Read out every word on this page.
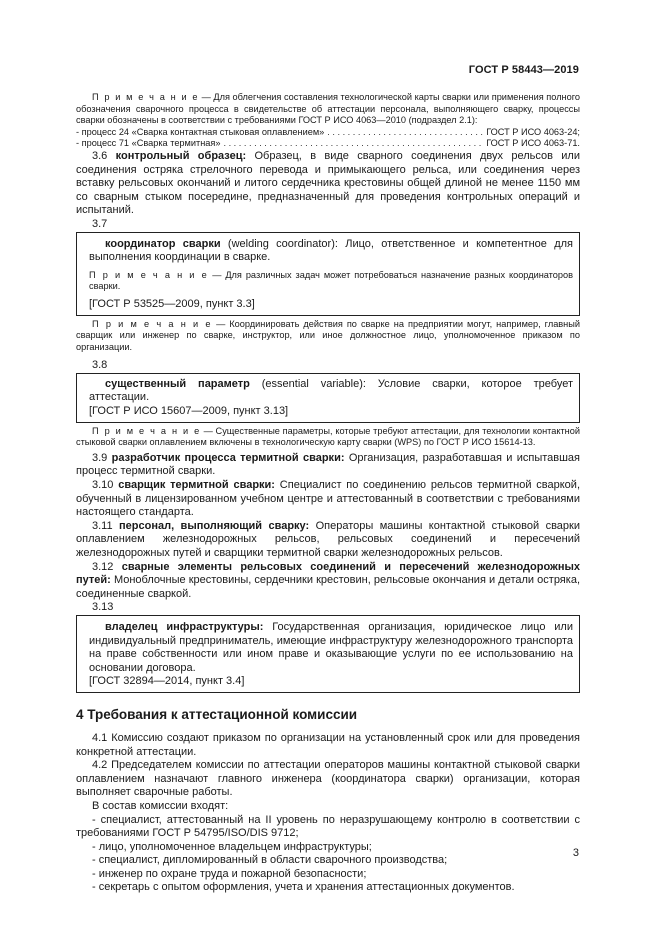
ГОСТ Р 58443—2019

П р и м е ч а н и е — Для облегчения составления технологической карты сварки или применения полного обозначения сварочного процесса в свидетельстве об аттестации персонала, выполняющего сварку, процессы сварки обозначены в соответствии с требованиями ГОСТ Р ИСО 4063—2010 (подраздел 2.1):

- процесс 24 «Сварка контактная стыковая оплавлением» . . .	ГОСТ Р ИСО 4063-24;
- процесс 71 «Сварка термитная» . . .	ГОСТ Р ИСО 4063-71.

3.6 контрольный образец: Образец, в виде сварного соединения двух рельсов или соединения остряка стрелочного перевода и примыкающего рельса, или соединения через вставку рельсовых окончаний и литого сердечника крестовины общей длиной не менее 1150 мм со сварным стыком посередине, предназначенный для проведения контрольных операций и испытаний.

3.7

координатор сварки (welding coordinator): Лицо, ответственное и компетентное для выполнения координации в сварке.

П р и м е ч а н и е — Для различных задач может потребоваться назначение разных координаторов сварки.

[ГОСТ Р 53525—2009, пункт 3.3]

П р и м е ч а н и е — Координировать действия по сварке на предприятии могут, например, главный сварщик или инженер по сварке, инструктор, или иное должностное лицо, уполномоченное приказом по организации.

3.8

существенный параметр (essential variable): Условие сварки, которое требует аттестации.

[ГОСТ Р ИСО 15607—2009, пункт 3.13]

П р и м е ч а н и е — Существенные параметры, которые требуют аттестации, для технологии контактной стыковой сварки оплавлением включены в технологическую карту сварки (WPS) по ГОСТ Р ИСО 15614-13.

3.9 разработчик процесса термитной сварки: Организация, разработавшая и испытавшая процесс термитной сварки.

3.10 сварщик термитной сварки: Специалист по соединению рельсов термитной сваркой, обученный в лицензированном учебном центре и аттестованный в соответствии с требованиями настоящего стандарта.

3.11 персонал, выполняющий сварку: Операторы машины контактной стыковой сварки оплавлением железнодорожных рельсов, рельсовых соединений и пересечений железнодорожных путей и сварщики термитной сварки железнодорожных рельсов.

3.12 сварные элементы рельсовых соединений и пересечений железнодорожных путей: Моноблочные крестовины, сердечники крестовин, рельсовые окончания и детали остряка, соединенные сваркой.

3.13

владелец инфраструктуры: Государственная организация, юридическое лицо или индивидуальный предприниматель, имеющие инфраструктуру железнодорожного транспорта на праве собственности или ином праве и оказывающие услуги по ее использованию на основании договора.

[ГОСТ 32894—2014, пункт 3.4]

4 Требования к аттестационной комиссии

4.1 Комиссию создают приказом по организации на установленный срок или для проведения конкретной аттестации.

4.2 Председателем комиссии по аттестации операторов машины контактной стыковой сварки оплавлением назначают главного инженера (координатора сварки) организации, которая выполняет сварочные работы.

В состав комиссии входят:

- специалист, аттестованный на II уровень по неразрушающему контролю в соответствии с требованиями ГОСТ Р 54795/ISO/DIS 9712;

- лицо, уполномоченное владельцем инфраструктуры;

- специалист, дипломированный в области сварочного производства;

- инженер по охране труда и пожарной безопасности;

- секретарь с опытом оформления, учета и хранения аттестационных документов.

3
